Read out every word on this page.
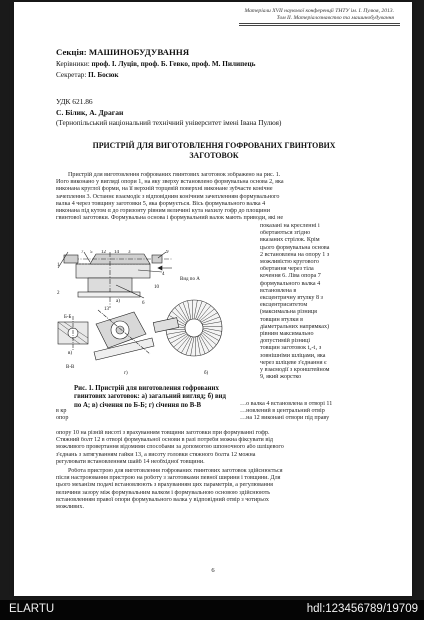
Матеріали XVII наукової конференції ТНТУ ім. І. Пулюя, 2013.
Том ІІ. Матеріалознавство та машинобудування
Секція: МАШИНОБУДУВАННЯ
Керівники: проф. І. Луців, проф. Б. Гевко, проф. М. Пилипець
Секретар: П. Босюк
УДК 621.86
С. Білик, А. Драган
(Тернопільський національний технічний університет імені Івана Пулюя)
ПРИСТРІЙ ДЛЯ ВИГОТОВЛЕННЯ ГОФРОВАНИХ ГВИНТОВИХ
ЗАГОТОВОК
Пристрій для виготовлення гофрованих гвинтових заготовок зображено на рис. 1.
Його виконано у вигляді опори 1, на яку зверху встановлено формувальна основа 2, яка
виконана круглої форми, на її верхній торцевій поверхні виконане зубчасте конічне
зачеплення 3. Останнє взаємодіє з відповідним конічним зачепленням формувального
валка 4 через товщину заготовки 5, яка формується. Вісь формувального валка 4
виконана під кутом α до горизонту рівним величині кута нахилу гофр до площини
гвинтової заготовки. Формувальна основа і формувальний валок мають приводи, які не
показані на кресленні і
обертаються згідно
вказаних стрілок. Крім
цього формувальна основа
2 встановлена на опору 1 з
можливістю кругового
обертання через тіла
кочення 6. Ліва опора 7
формувального валка 4
встановлена в
ексцентричну втулку 8 з
ексцентриситетом
(максимальна різниця
товщин втулки в
діаметральних напрямках)
рівним максимально
допустимій різниці
товщин заготовок t₂-t₁ з
зовнішніми шліцами, яка
через шліцеве з'єднання є
у взаємодії з кронштейном
9, який жорстко
1
7 5 12 14 3	9
4
6
2
10
13
Вид по А
а)
Б-Б
в)
В-В
г)	б)
Рис. 1. Пристрій для виготовлення гофрованих
гвинтових заготовок: а) загальний вигляд; б) вид
по А; в) січення по Б-Б; г) січення по В-В	…о валка 4 встановлена в отворі 11
…новлений в центральний отвір
…на 12 виконані отвори під праву
в кр
опор
опору 10 на різній висоті з врахуванням товщини заготовки при формуванні гофр.
Стяжний болт 12 в отворі формувальної основи в разі потреби можна фіксувати від
можливого провертання відомими способами за допомогою шпоночного або шліцевого
з'єднань з затягуванням гайки 13, а висоту головки стяжного болта 12 можна
регулювати встановленням шайб 14 необхідної товщини.
Робота пристрою для виготовлення гофрованих гвинтових заготовок здійснюється
після настроювання пристрою на роботу з заготовками певної ширини і товщини. Для
цього механізм подачі встановлюють з врахуванням цих параметрів, а регулювання
величини зазору між формувальним валком і формувальною основою здійснюють
встановленням правої опори формувального валка у відповідний отвір з чотирьох
можливих.
6
ELARTU	hdl:123456789/19709
